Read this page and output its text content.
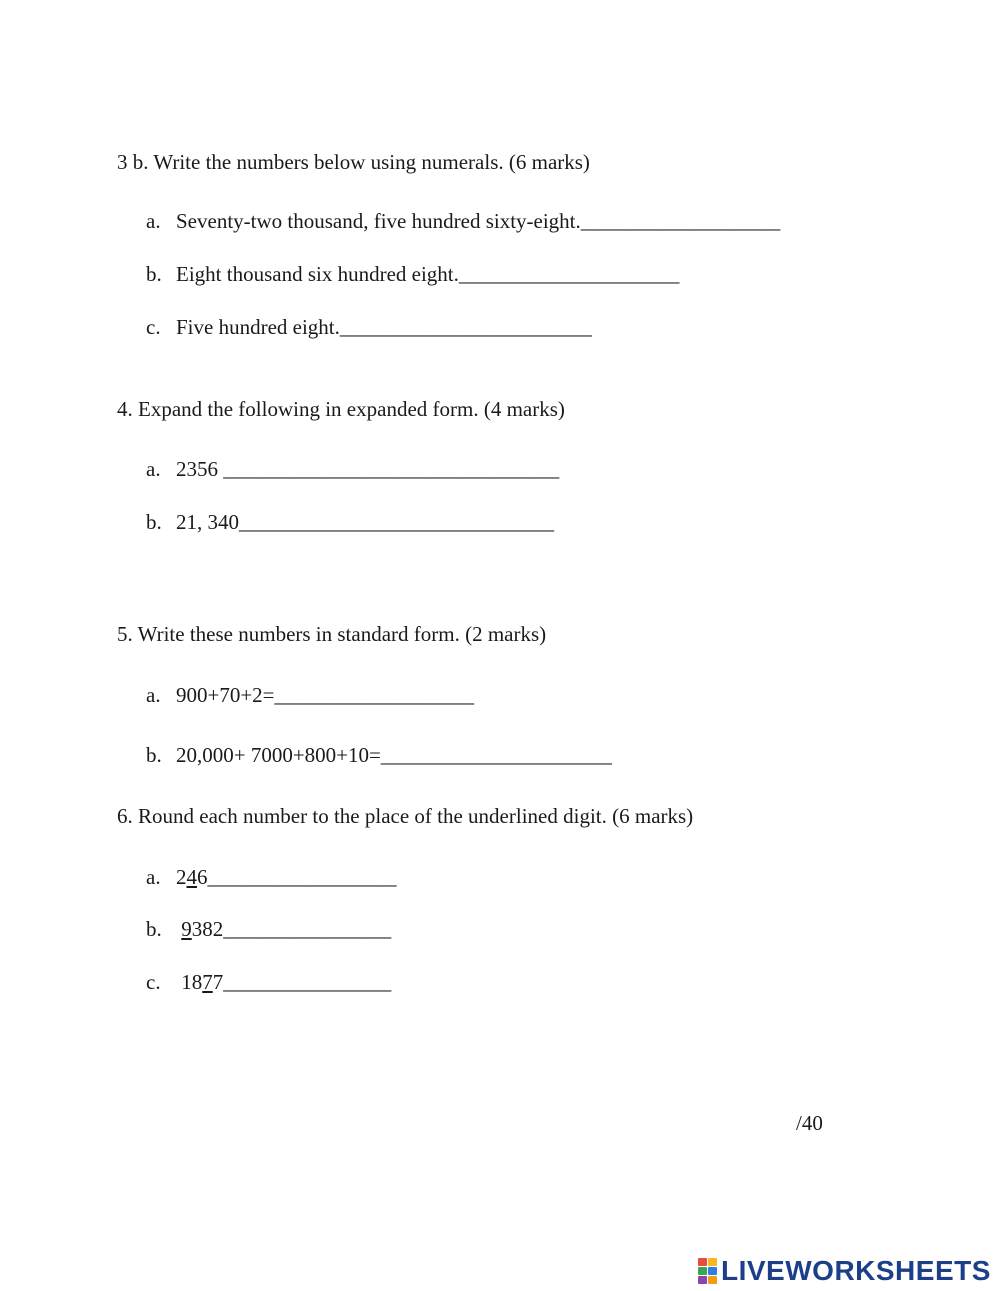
3 b. Write the numbers below using numerals. (6 marks)
a. Seventy-two thousand, five hundred sixty-eight.___________________
b. Eight thousand six hundred eight._____________________
c. Five hundred eight.________________________
4. Expand the following in expanded form. (4 marks)
a. 2356 ________________________________
b. 21, 340______________________________
5. Write these numbers in standard form. (2 marks)
a. 900+70+2=___________________
b. 20,000+ 7000+800+10=______________________
6. Round each number to the place of the underlined digit. (6 marks)
a. 246__________________
b. 9382________________
c. 1877________________
/40
LIVEWORKSHEETS
